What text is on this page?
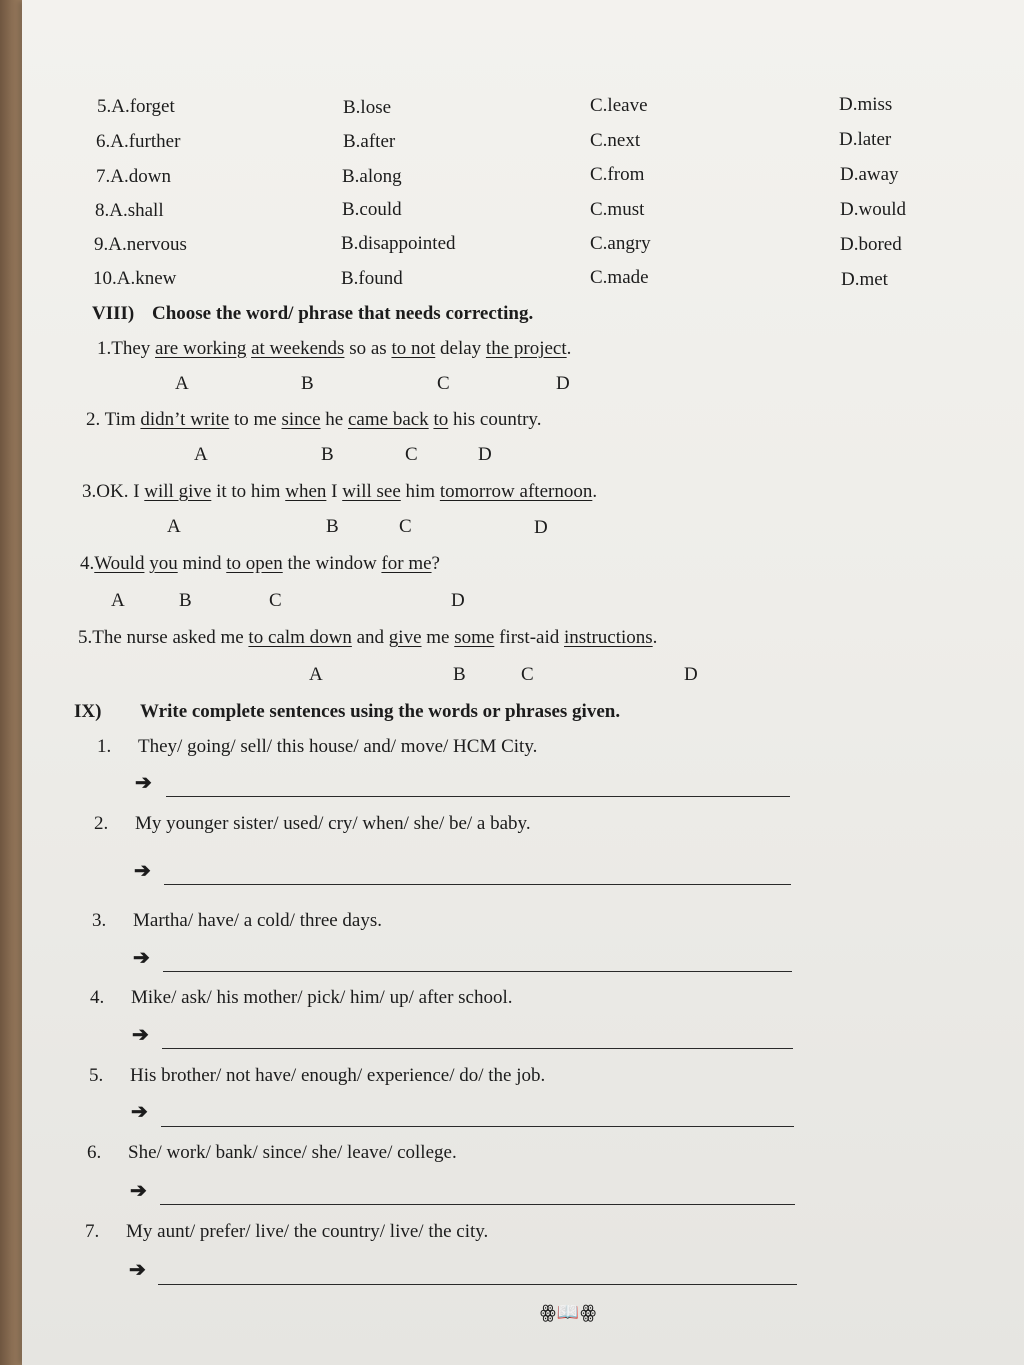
5.A.forget	B.lose	C.leave	D.miss
6.A.further	B.after	C.next	D.later
7.A.down	B.along	C.from	D.away
8.A.shall	B.could	C.must	D.would
9.A.nervous	B.disappointed	C.angry	D.bored
10.A.knew	B.found	C.made	D.met
VIII) Choose the word/ phrase that needs correcting.
1.They are working at weekends so as to not delay the project.
A	B	C	D
2. Tim didn’t write to me since he came back to his country.
A	B	C	D
3.OK. I will give it to him when I will see him tomorrow afternoon.
A	B	C	D
4.Would you mind to open the window for me?
A	B	C	D
5.The nurse asked me to calm down and give me some first-aid instructions.
A	B	C	D
IX) Write complete sentences using the words or phrases given.
1. They/ going/ sell/ this house/ and/ move/ HCM City.
➔
2. My younger sister/ used/ cry/ when/ she/ be/ a baby.
➔
3. Martha/ have/ a cold/ three days.
➔
4. Mike/ ask/ his mother/ pick/ him/ up/ after school.
➔
5. His brother/ not have/ enough/ experience/ do/ the job.
➔
6. She/ work/ bank/ since/ she/ leave/ college.
➔
7. My aunt/ prefer/ live/ the country/ live/ the city.
➔
ꙮ📖ꙮ
